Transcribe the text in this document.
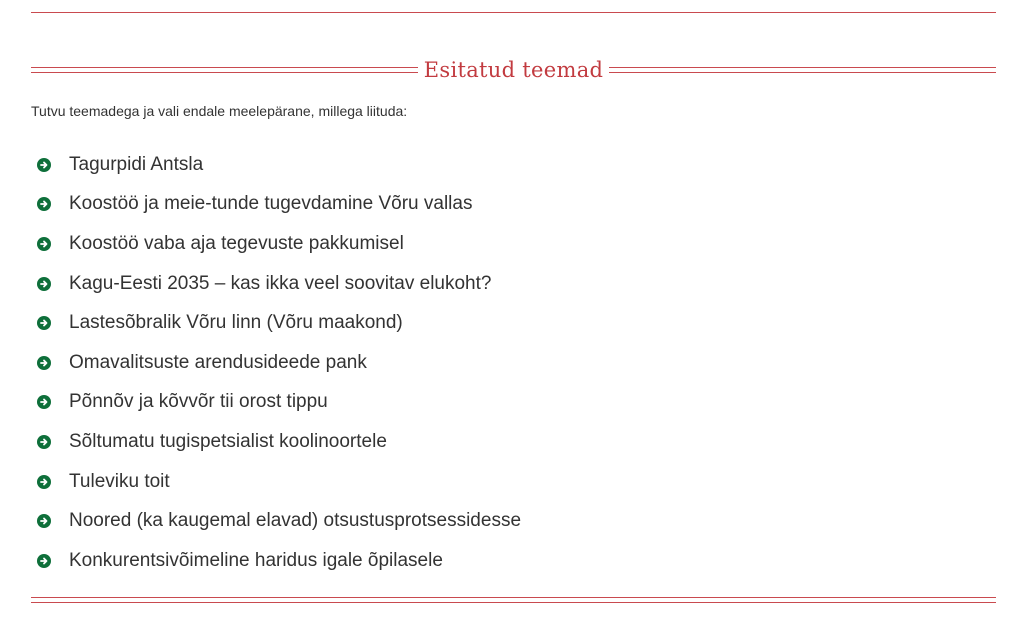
Esitatud teemad

Tutvu teemadega ja vali endale meelepärane, millega liituda:

Tagurpidi Antsla
Koostöö ja meie-tunde tugevdamine Võru vallas
Koostöö vaba aja tegevuste pakkumisel
Kagu-Eesti 2035 – kas ikka veel soovitav elukoht?
Lastesõbralik Võru linn (Võru maakond)
Omavalitsuste arendusideede pank
Põnnõv ja kõvvõr tii orost tippu
Sõltumatu tugispetsialist koolinoortele
Tuleviku toit
Noored (ka kaugemal elavad) otsustusprotsessidesse
Konkurentsivõimeline haridus igale õpilasele
